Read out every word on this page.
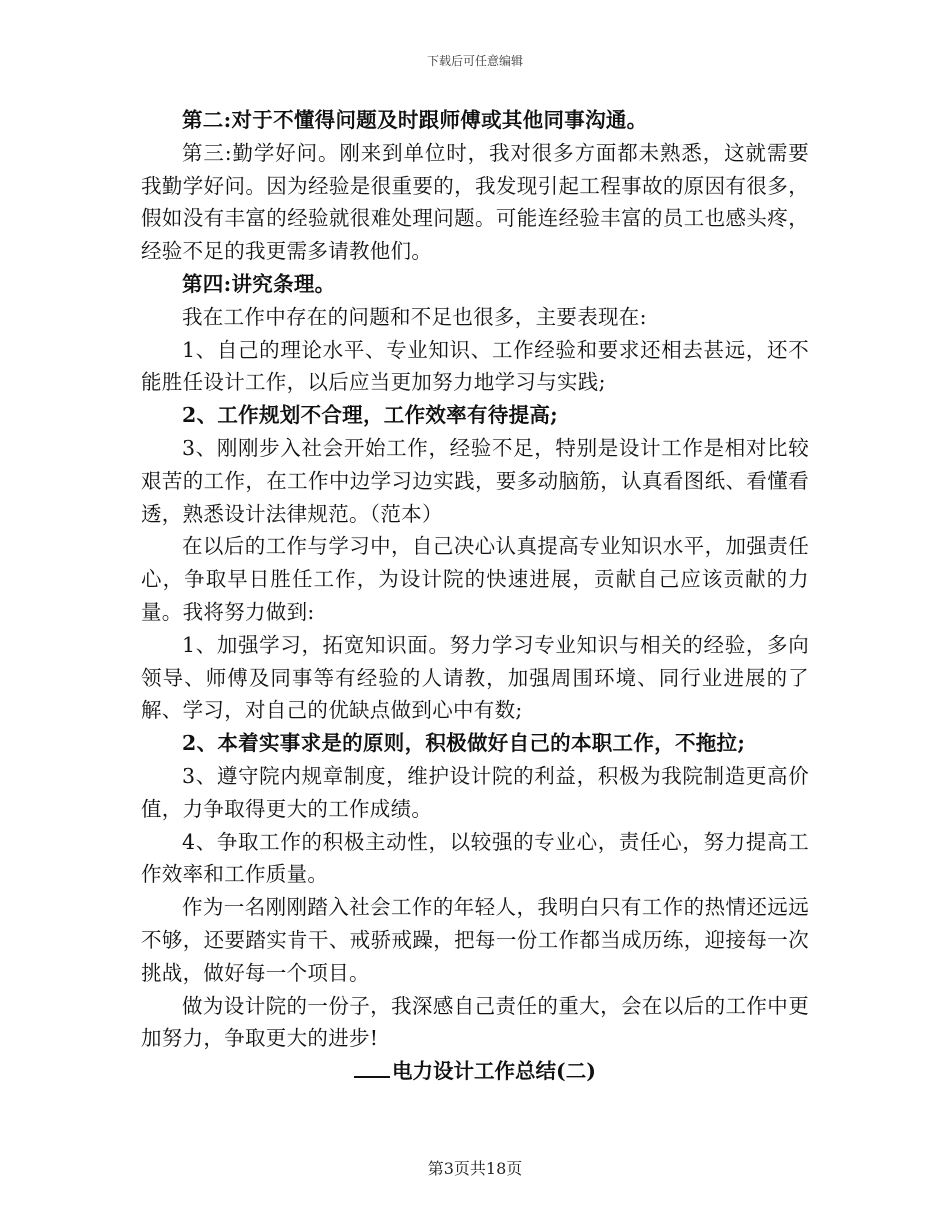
下载后可任意编辑

第二:对于不懂得问题及时跟师傅或其他同事沟通。

第三:勤学好问。刚来到单位时，我对很多方面都未熟悉，这就需要我勤学好问。因为经验是很重要的，我发现引起工程事故的原因有很多，假如没有丰富的经验就很难处理问题。可能连经验丰富的员工也感头疼，经验不足的我更需多请教他们。

第四:讲究条理。

我在工作中存在的问题和不足也很多，主要表现在:

1、自己的理论水平、专业知识、工作经验和要求还相去甚远，还不能胜任设计工作，以后应当更加努力地学习与实践;

2、工作规划不合理，工作效率有待提高;

3、刚刚步入社会开始工作，经验不足，特别是设计工作是相对比较艰苦的工作，在工作中边学习边实践，要多动脑筋，认真看图纸、看懂看透，熟悉设计法律规范。（范本）

在以后的工作与学习中，自己决心认真提高专业知识水平，加强责任心，争取早日胜任工作，为设计院的快速进展，贡献自己应该贡献的力量。我将努力做到:

1、加强学习，拓宽知识面。努力学习专业知识与相关的经验，多向领导、师傅及同事等有经验的人请教，加强周围环境、同行业进展的了解、学习，对自己的优缺点做到心中有数;

2、本着实事求是的原则，积极做好自己的本职工作，不拖拉;

3、遵守院内规章制度，维护设计院的利益，积极为我院制造更高价值，力争取得更大的工作成绩。

4、争取工作的积极主动性，以较强的专业心，责任心，努力提高工作效率和工作质量。

作为一名刚刚踏入社会工作的年轻人，我明白只有工作的热情还远远不够，还要踏实肯干、戒骄戒躁，把每一份工作都当成历练，迎接每一次挑战，做好每一个项目。

做为设计院的一份子，我深感自己责任的重大，会在以后的工作中更加努力，争取更大的进步!

电力设计工作总结(二)

第3页共18页
